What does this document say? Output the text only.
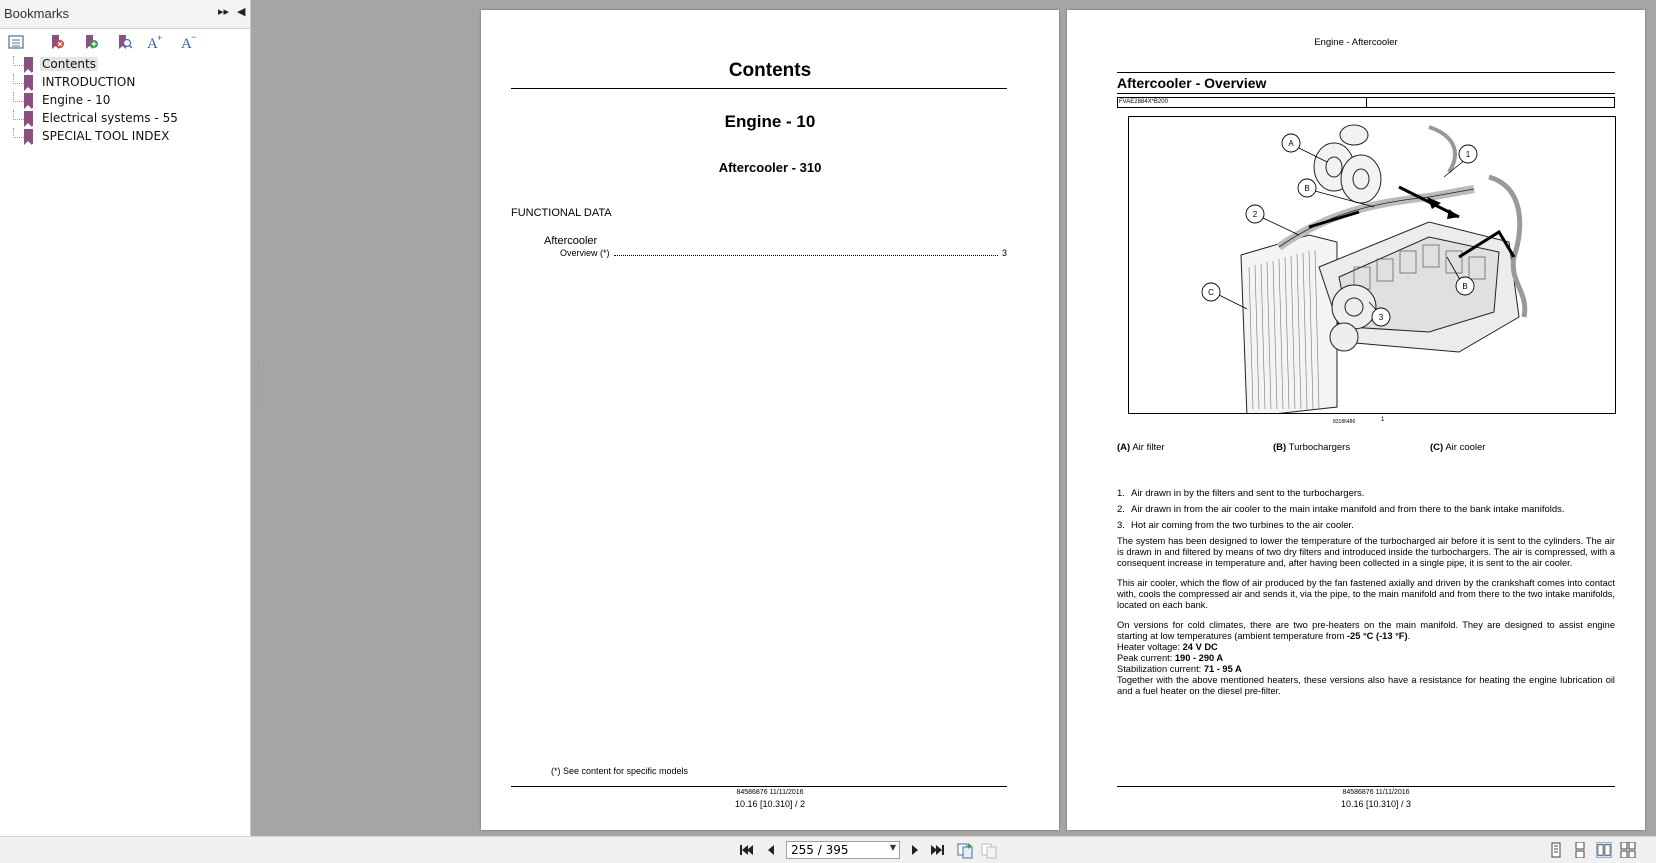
Bookmarks	▸▸ ◀
A + A −
Contents
INTRODUCTION
Engine - 10
Electrical systems - 55
SPECIAL TOOL INDEX
Contents
Engine - 10
Aftercooler - 310
FUNCTIONAL DATA
Aftercooler
Overview (*)	3
(*) See content for specific models
84586876 11/11/2016
10.16 [10.310] / 2
Engine - Aftercooler
Aftercooler - Overview
FVAE2884X*B200
A
B
2
1
C
B
3
83186486	1
(A) Air filter	(B) Turbochargers	(C) Air cooler
1. Air drawn in by the filters and sent to the turbochargers.
2. Air drawn in from the air cooler to the main intake manifold and from there to the bank intake manifolds.
3. Hot air coming from the two turbines to the air cooler.
The system has been designed to lower the temperature of the turbocharged air before it is sent to the cylinders. The air is drawn in and filtered by means of two dry filters and introduced inside the turbochargers. The air is compressed, with a consequent increase in temperature and, after having been collected in a single pipe, it is sent to the air cooler.
This air cooler, which the flow of air produced by the fan fastened axially and driven by the crankshaft comes into contact with, cools the compressed air and sends it, via the pipe, to the main manifold and from there to the two intake manifolds, located on each bank.
On versions for cold climates, there are two pre-heaters on the main manifold. They are designed to assist engine starting at low temperatures (ambient temperature from -25 °C (-13 °F).
Heater voltage: 24 V DC
Peak current: 190 - 290 A
Stabilization current: 71 - 95 A
Together with the above mentioned heaters, these versions also have a resistance for heating the engine lubrication oil and a fuel heater on the diesel pre-filter.
84586876 11/11/2016
10.16 [10.310] / 3
255 / 395	▼
